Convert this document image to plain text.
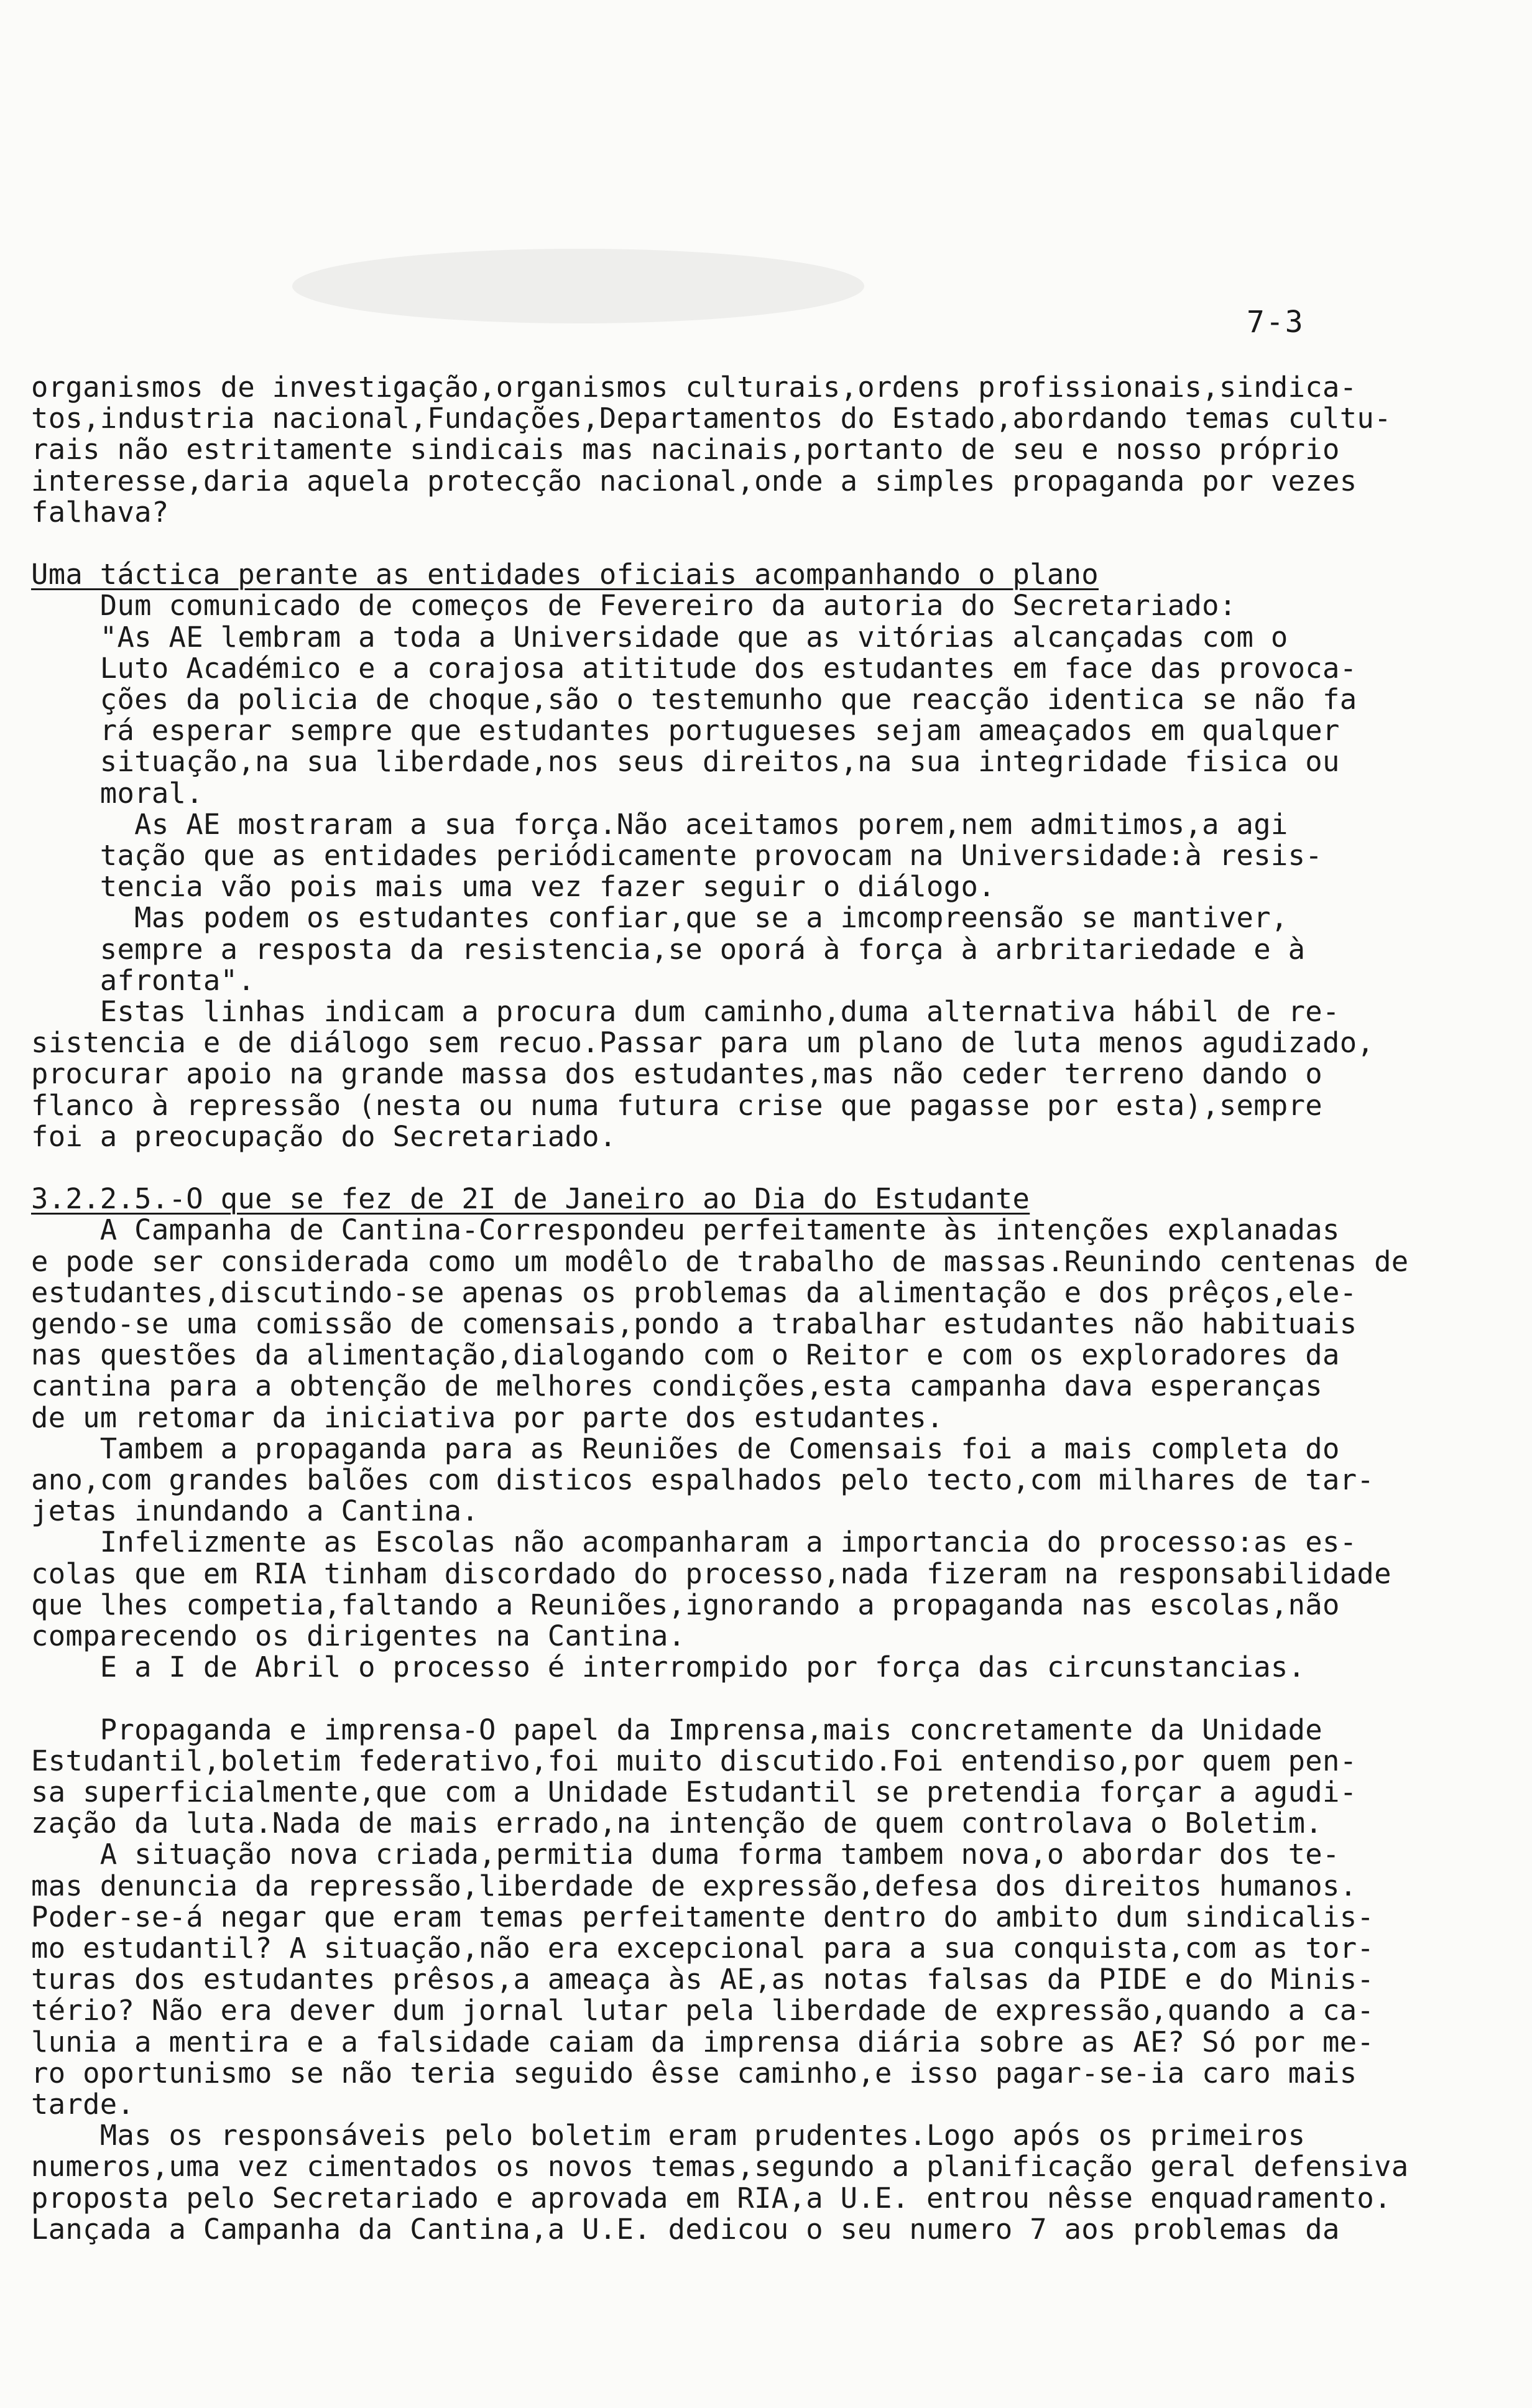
7-3
organismos de investigação,organismos culturais,ordens profissionais,sindica-
tos,industria nacional,Fundações,Departamentos do Estado,abordando temas cultu-
rais não estritamente sindicais mas nacinais,portanto de seu e nosso próprio
interesse,daria aquela protecção nacional,onde a simples propaganda por vezes
falhava?
Uma táctica perante as entidades oficiais acompanhando o plano
Dum comunicado de começos de Fevereiro da autoria do Secretariado:
"As AE lembram a toda a Universidade que as vitórias alcançadas com o
Luto Académico e a corajosa atititude dos estudantes em face das provoca-
ções da policia de choque,são o testemunho que reacção identica se não fa
rá esperar sempre que estudantes portugueses sejam ameaçados em qualquer
situação,na sua liberdade,nos seus direitos,na sua integridade fisica ou
moral.
As AE mostraram a sua força.Não aceitamos porem,nem admitimos,a agi
tação que as entidades periódicamente provocam na Universidade:à resis-
tencia vão pois mais uma vez fazer seguir o diálogo.
Mas podem os estudantes confiar,que se a imcompreensão se mantiver,
sempre a resposta da resistencia,se oporá à força à arbritariedade e à
afronta".
Estas linhas indicam a procura dum caminho,duma alternativa hábil de re-
sistencia e de diálogo sem recuo.Passar para um plano de luta menos agudizado,
procurar apoio na grande massa dos estudantes,mas não ceder terreno dando o
flanco à repressão (nesta ou numa futura crise que pagasse por esta),sempre
foi a preocupação do Secretariado.
3.2.2.5.-O que se fez de 2I de Janeiro ao Dia do Estudante
A Campanha de Cantina-Correspondeu perfeitamente às intenções explanadas
e pode ser considerada como um modêlo de trabalho de massas.Reunindo centenas de
estudantes,discutindo-se apenas os problemas da alimentação e dos prêços,ele-
gendo-se uma comissão de comensais,pondo a trabalhar estudantes não habituais
nas questões da alimentação,dialogando com o Reitor e com os exploradores da
cantina para a obtenção de melhores condições,esta campanha dava esperanças
de um retomar da iniciativa por parte dos estudantes.
Tambem a propaganda para as Reuniões de Comensais foi a mais completa do
ano,com grandes balões com disticos espalhados pelo tecto,com milhares de tar-
jetas inundando a Cantina.
Infelizmente as Escolas não acompanharam a importancia do processo:as es-
colas que em RIA tinham discordado do processo,nada fizeram na responsabilidade
que lhes competia,faltando a Reuniões,ignorando a propaganda nas escolas,não
comparecendo os dirigentes na Cantina.
E a I de Abril o processo é interrompido por força das circunstancias.
Propaganda e imprensa-O papel da Imprensa,mais concretamente da Unidade
Estudantil,boletim federativo,foi muito discutido.Foi entendiso,por quem pen-
sa superficialmente,que com a Unidade Estudantil se pretendia forçar a agudi-
zação da luta.Nada de mais errado,na intenção de quem controlava o Boletim.
A situação nova criada,permitia duma forma tambem nova,o abordar dos te-
mas denuncia da repressão,liberdade de expressão,defesa dos direitos humanos.
Poder-se-á negar que eram temas perfeitamente dentro do ambito dum sindicalis-
mo estudantil? A situação,não era excepcional para a sua conquista,com as tor-
turas dos estudantes prêsos,a ameaça às AE,as notas falsas da PIDE e do Minis-
tério? Não era dever dum jornal lutar pela liberdade de expressão,quando a ca-
lunia a mentira e a falsidade caiam da imprensa diária sobre as AE? Só por me-
ro oportunismo se não teria seguido êsse caminho,e isso pagar-se-ia caro mais
tarde.
Mas os responsáveis pelo boletim eram prudentes.Logo após os primeiros
numeros,uma vez cimentados os novos temas,segundo a planificação geral defensiva
proposta pelo Secretariado e aprovada em RIA,a U.E. entrou nêsse enquadramento.
Lançada a Campanha da Cantina,a U.E. dedicou o seu numero 7 aos problemas da
